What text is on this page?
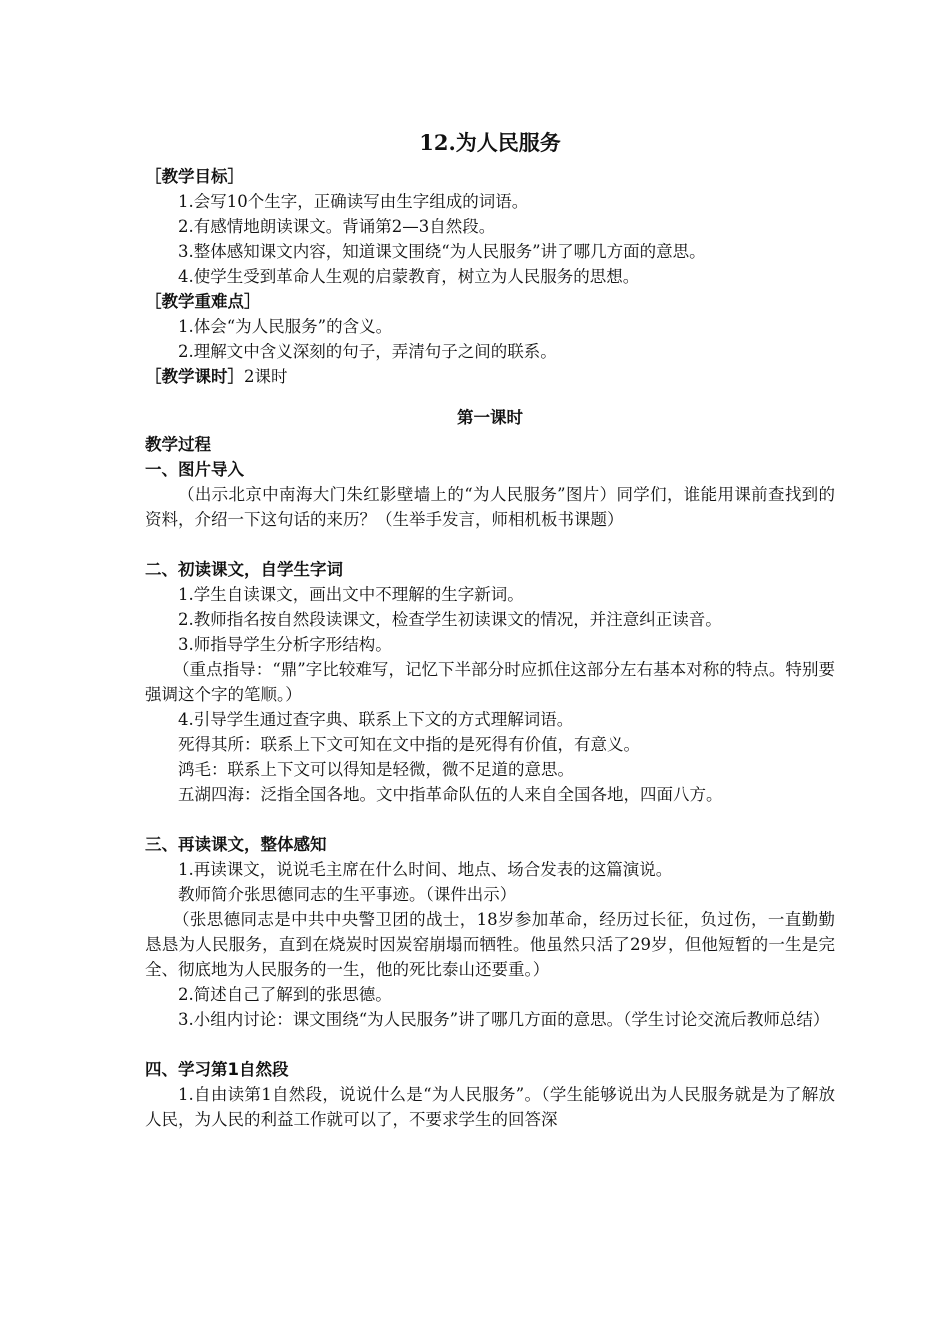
12.为人民服务

［教学目标］

1.会写10个生字，正确读写由生字组成的词语。

2.有感情地朗读课文。背诵第2—3自然段。

3.整体感知课文内容，知道课文围绕“为人民服务”讲了哪几方面的意思。

4.使学生受到革命人生观的启蒙教育，树立为人民服务的思想。

［教学重难点］

1.体会“为人民服务”的含义。

2.理解文中含义深刻的句子，弄清句子之间的联系。

［教学课时］2课时

第一课时

教学过程

一、图片导入

（出示北京中南海大门朱红影壁墙上的“为人民服务”图片）同学们，谁能用课前查找到的资料，介绍一下这句话的来历？（生举手发言，师相机板书课题）

二、初读课文，自学生字词

1.学生自读课文，画出文中不理解的生字新词。

2.教师指名按自然段读课文，检查学生初读课文的情况，并注意纠正读音。

3.师指导学生分析字形结构。

（重点指导：“鼎”字比较难写，记忆下半部分时应抓住这部分左右基本对称的特点。特别要强调这个字的笔顺。）

4.引导学生通过查字典、联系上下文的方式理解词语。

死得其所：联系上下文可知在文中指的是死得有价值，有意义。

鸿毛：联系上下文可以得知是轻微，微不足道的意思。

五湖四海：泛指全国各地。文中指革命队伍的人来自全国各地，四面八方。

三、再读课文，整体感知

1.再读课文，说说毛主席在什么时间、地点、场合发表的这篇演说。

教师简介张思德同志的生平事迹。（课件出示）

（张思德同志是中共中央警卫团的战士，18岁参加革命，经历过长征，负过伤，一直勤勤恳恳为人民服务，直到在烧炭时因炭窑崩塌而牺牲。他虽然只活了29岁，但他短暂的一生是完全、彻底地为人民服务的一生，他的死比泰山还要重。）

2.简述自己了解到的张思德。

3.小组内讨论：课文围绕“为人民服务”讲了哪几方面的意思。（学生讨论交流后教师总结）

四、学习第1自然段

1.自由读第1自然段，说说什么是“为人民服务”。（学生能够说出为人民服务就是为了解放人民，为人民的利益工作就可以了，不要求学生的回答深
